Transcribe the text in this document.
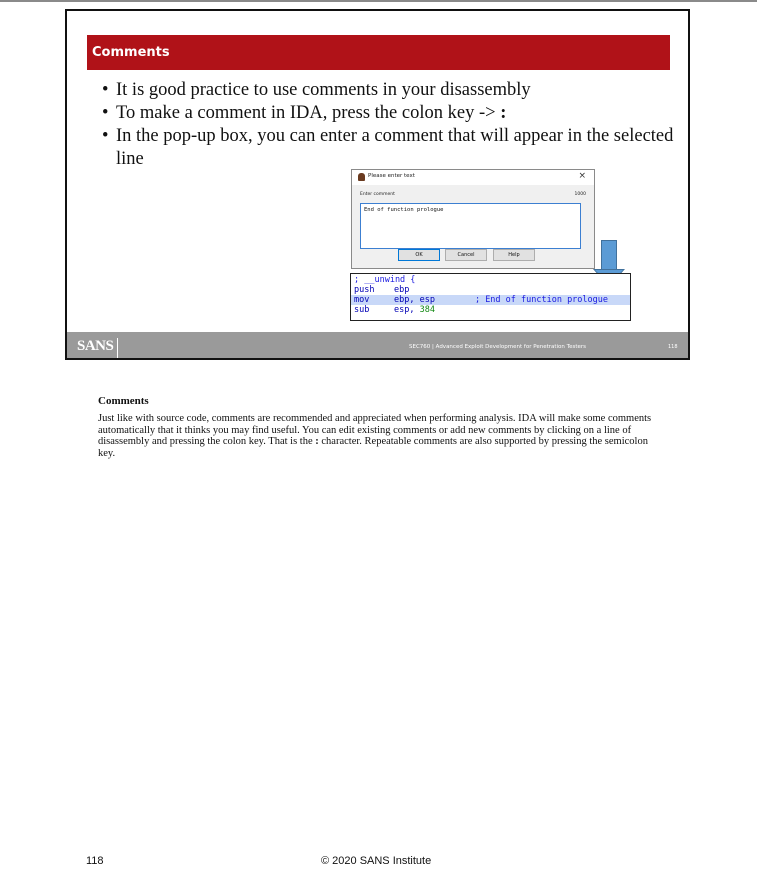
Comments

• It is good practice to use comments in your disassembly

• To make a comment in IDA, press the colon key -> :

• In the pop-up box, you can enter a comment that will appear in the selected line

Please enter text	×
Enter comment	1000
End of function prologue
OK	Cancel	Help
; __unwind {
push ebp
mov	ebp, esp	; End of function prologue
sub	esp, 384
SANS	SEC760 | Advanced Exploit Development for Penetration Testers	118
Comments
Just like with source code, comments are recommended and appreciated when performing analysis. IDA will make some comments automatically that it thinks you may find useful. You can edit existing comments or add new comments by clicking on a line of disassembly and pressing the colon key. That is the : character. Repeatable comments are also supported by pressing the semicolon key.
118	© 2020 SANS Institute
